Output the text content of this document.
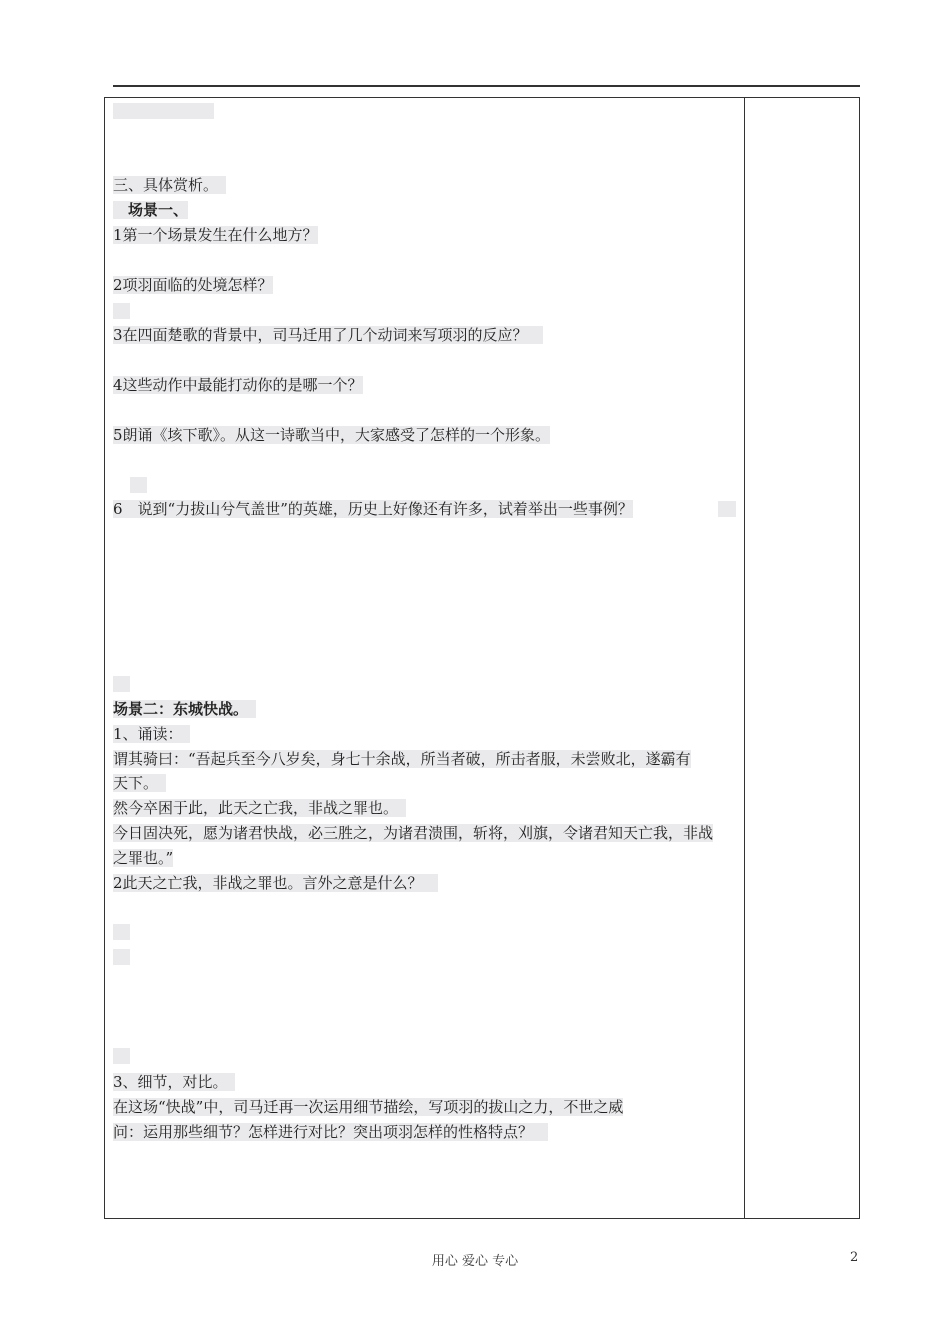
三、具体赏析。　
　场景一、
1第一个场景发生在什么地方？
2项羽面临的处境怎样？
3在四面楚歌的背景中，司马迁用了几个动词来写项羽的反应？　
4这些动作中最能打动你的是哪一个？
5朗诵《垓下歌》。从这一诗歌当中，大家感受了怎样的一个形象。
6　说到“力拔山兮气盖世”的英雄，历史上好像还有许多，试着举出一些事例？
场景二：东城快战。　
1、诵读：　
谓其骑曰：“吾起兵至今八岁矣，身七十余战，所当者破，所击者服，未尝败北，遂霸有
天下。　
然今卒困于此，此天之亡我，非战之罪也。　
今日固决死，愿为诸君快战，必三胜之，为诸君溃围，斩将，刈旗，令诸君知天亡我，非战
之罪也。”
2此天之亡我，非战之罪也。言外之意是什么？　
3、细节，对比。　
在这场“快战”中，司马迁再一次运用细节描绘，写项羽的拔山之力，不世之威
问：运用那些细节？怎样进行对比？突出项羽怎样的性格特点？　
用心 爱心 专心	2
